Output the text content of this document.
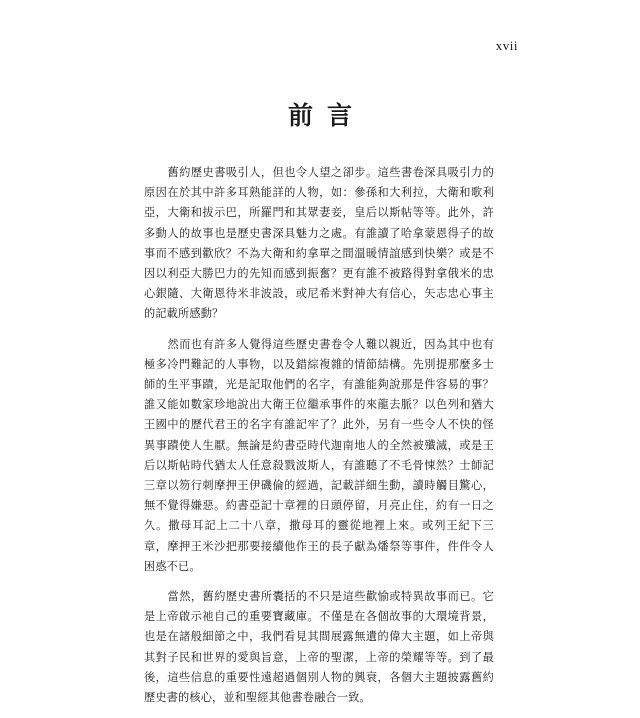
xvii
前言

舊約歷史書吸引人，但也令人望之卻步。這些書卷深具吸引力的原因在於其中許多耳熟能詳的人物，如：參孫和大利拉，大衛和歌利亞，大衛和拔示巴，所羅門和其眾妻妾，皇后以斯帖等等。此外，許多動人的故事也是歷史書深具魅力之處。有誰讀了哈拿蒙恩得子的故事而不感到歡欣？不為大衛和約拿單之間溫暖情誼感到快樂？或是不因以利亞大勝巴力的先知而感到振奮？更有誰不被路得對拿俄米的忠心銀隨、大衛恩待米非波設，或尼希米對神大有信心，矢志忠心事主的記載所感動？

然而也有許多人覺得這些歷史書卷令人難以親近，因為其中也有極多冷門難記的人事物，以及錯綜複雜的情節結構。先別提那麼多士師的生平事蹟，光是記取他們的名字，有誰能夠說那是件容易的事？誰又能如數家珍地說出大衛王位繼承事件的來龍去脈？以色列和猶大王國中的歷代君王的名字有誰記牢了？此外，另有一些令人不快的怪異事蹟使人生厭。無論是約書亞時代迦南地人的全然被殲滅，或是王后以斯帖時代猶太人任意殺戮波斯人，有誰聽了不毛骨悚然？士師記三章以笏行刺摩押王伊磯倫的經過，記載詳細生動，讀時觸目驚心，無不覺得嫌惡。約書亞記十章裡的日頭停留，月亮止住，約有一日之久。撒母耳記上二十八章，撒母耳的靈從地裡上來。或列王紀下三章，摩押王米沙把那要接續他作王的長子獻為燔祭等事件，件件令人困惑不已。

當然，舊約歷史書所囊括的不只是這些歡愉或特異故事而已。它是上帝啟示祂自己的重要寶藏庫。不僅是在各個故事的大環境背景，也是在諸般細節之中，我們看見其間展露無遺的偉大主題，如上帝與其對子民和世界的愛與旨意，上帝的聖潔，上帝的榮耀等等。到了最後，這些信息的重要性遠超過個別人物的興衰，各個大主題披露舊約歷史書的核心，並和聖經其他書卷融合一致。
